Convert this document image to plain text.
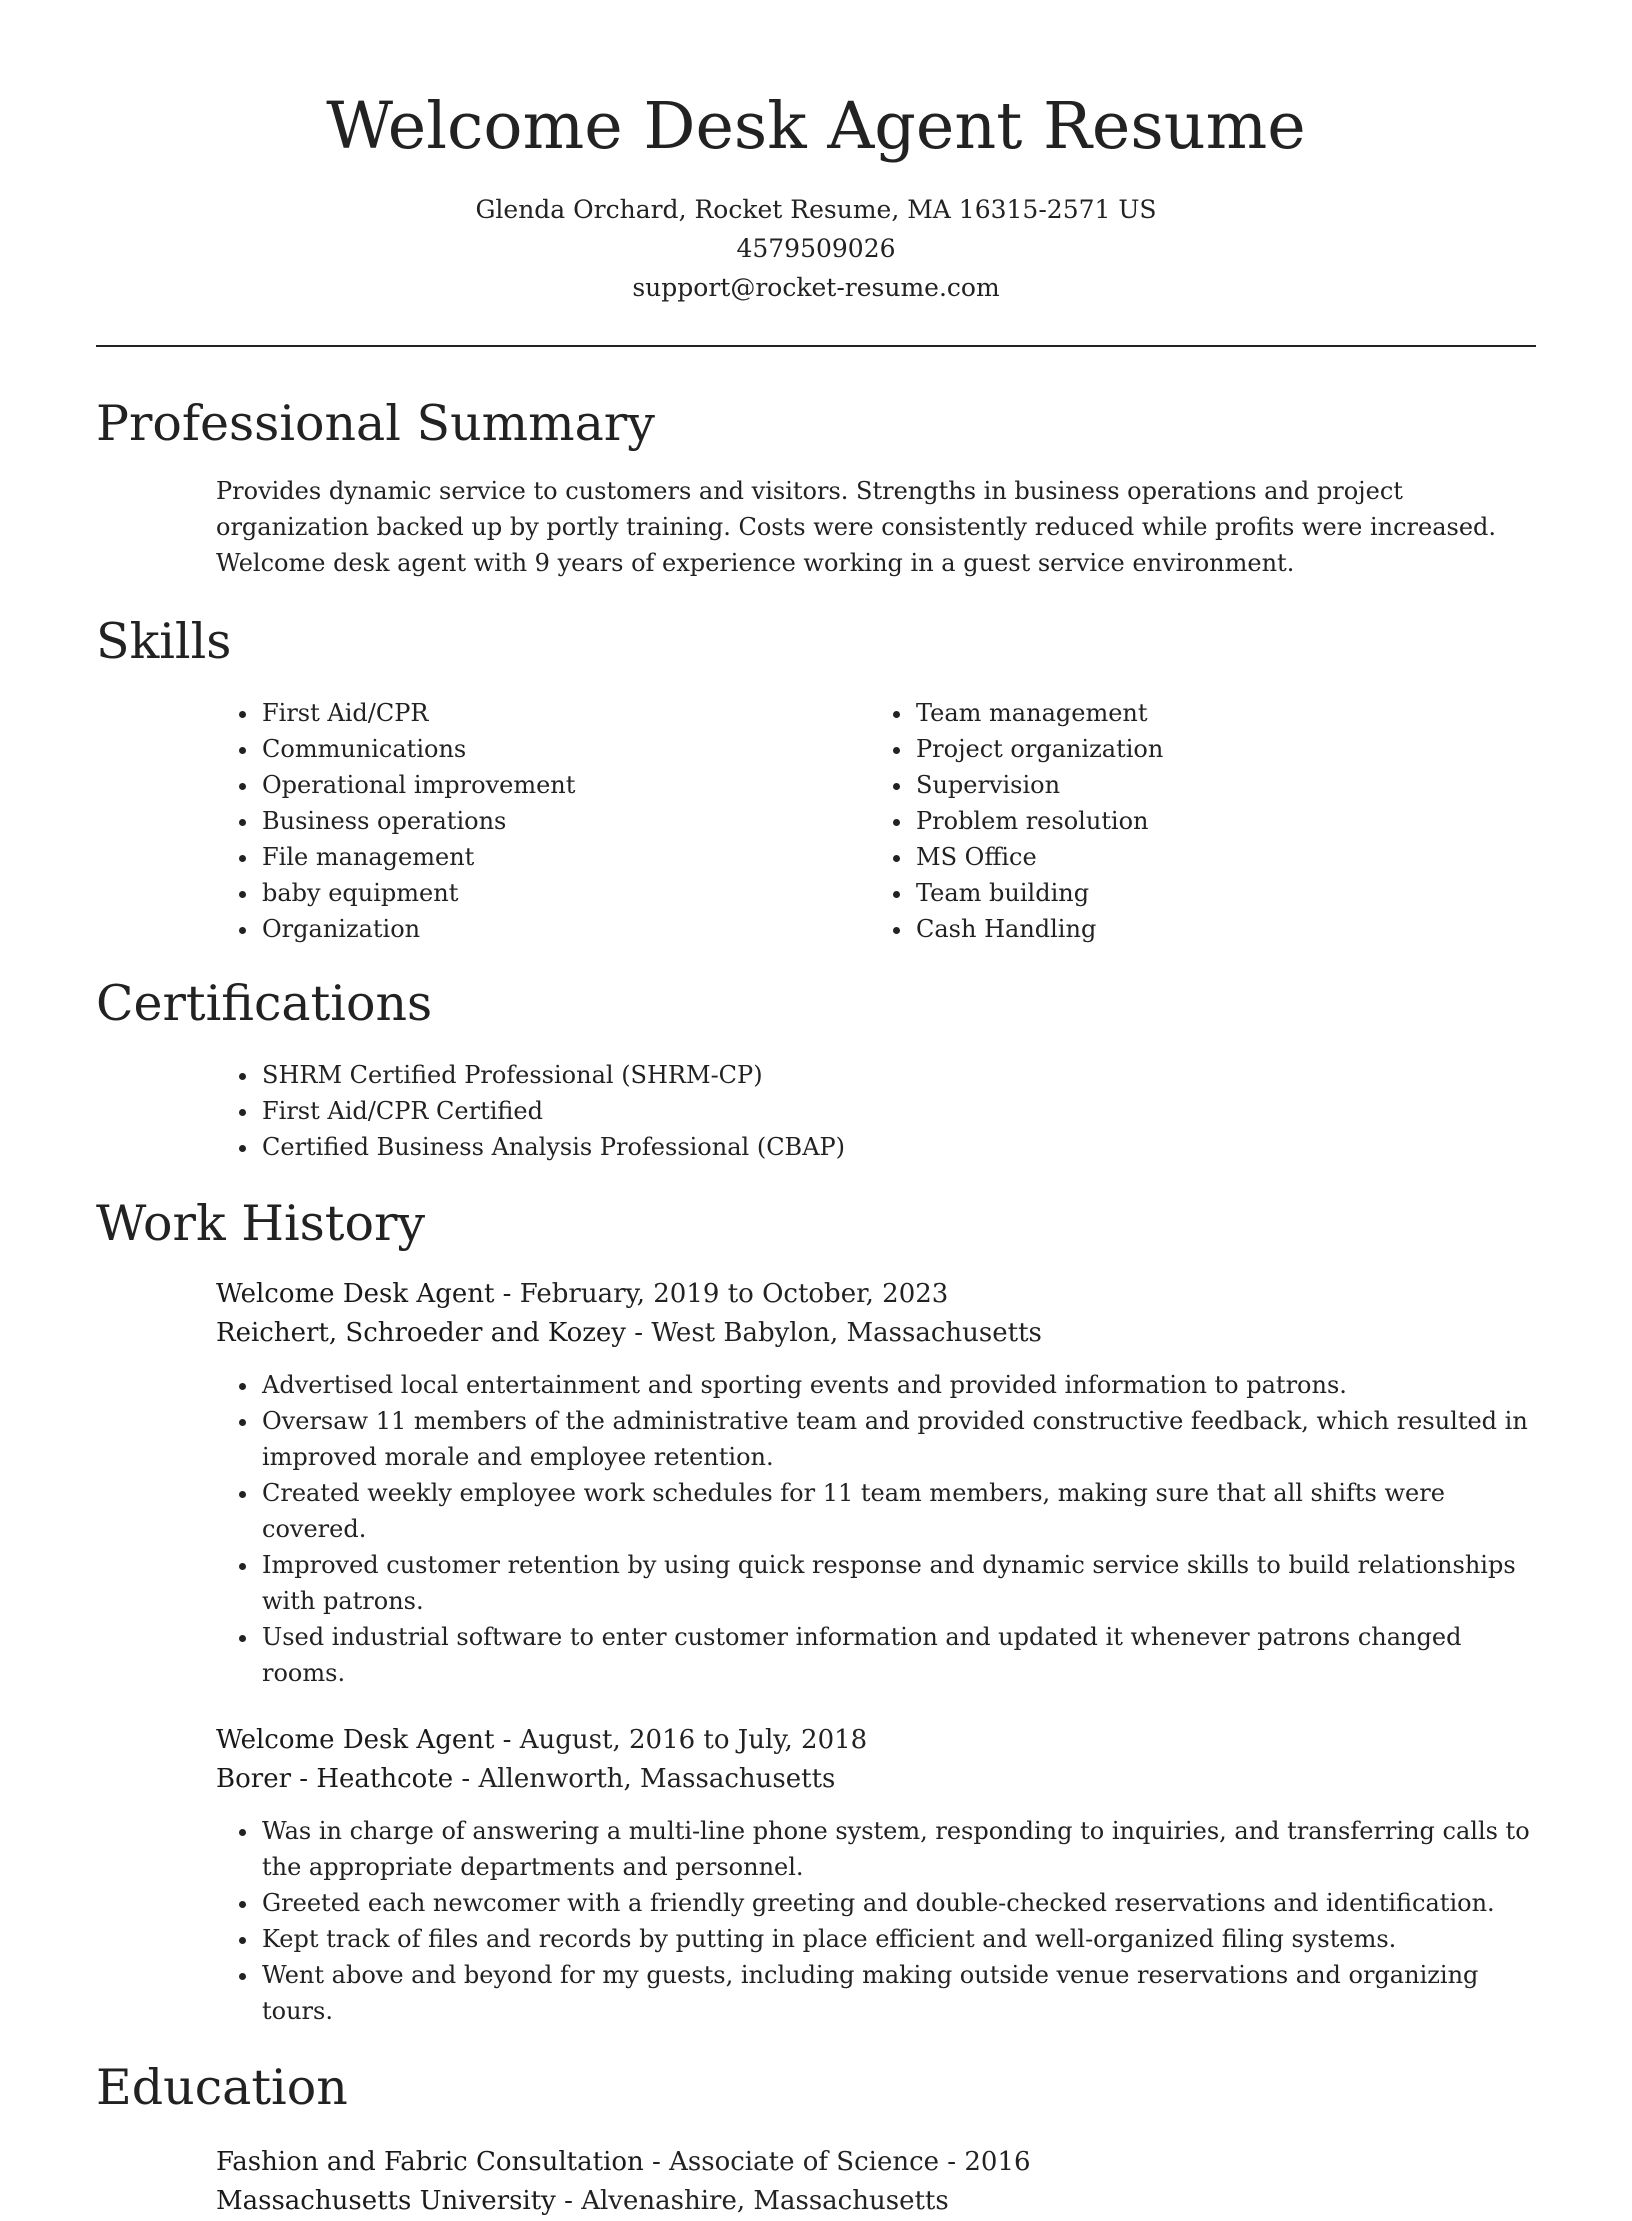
Welcome Desk Agent Resume
Glenda Orchard, Rocket Resume, MA 16315-2571 US
4579509026
support@rocket-resume.com
Professional Summary

Provides dynamic service to customers and visitors. Strengths in business operations and project organization backed up by portly training. Costs were consistently reduced while profits were increased. Welcome desk agent with 9 years of experience working in a guest service environment.

Skills
• First Aid/CPR
• Communications
• Operational improvement
• Business operations
• File management
• baby equipment
• Organization
• Team management
• Project organization
• Supervision
• Problem resolution
• MS Office
• Team building
• Cash Handling
Certifications
• SHRM Certified Professional (SHRM-CP)
• First Aid/CPR Certified
• Certified Business Analysis Professional (CBAP)
Work History
Welcome Desk Agent - February, 2019 to October, 2023
Reichert, Schroeder and Kozey - West Babylon, Massachusetts
• Advertised local entertainment and sporting events and provided information to patrons.
• Oversaw 11 members of the administrative team and provided constructive feedback, which resulted in improved morale and employee retention.
• Created weekly employee work schedules for 11 team members, making sure that all shifts were covered.
• Improved customer retention by using quick response and dynamic service skills to build relationships with patrons.
• Used industrial software to enter customer information and updated it whenever patrons changed rooms.
Welcome Desk Agent - August, 2016 to July, 2018
Borer - Heathcote - Allenworth, Massachusetts
• Was in charge of answering a multi-line phone system, responding to inquiries, and transferring calls to the appropriate departments and personnel.
• Greeted each newcomer with a friendly greeting and double-checked reservations and identification.
• Kept track of files and records by putting in place efficient and well-organized filing systems.
• Went above and beyond for my guests, including making outside venue reservations and organizing tours.
Education
Fashion and Fabric Consultation - Associate of Science - 2016
Massachusetts University - Alvenashire, Massachusetts
